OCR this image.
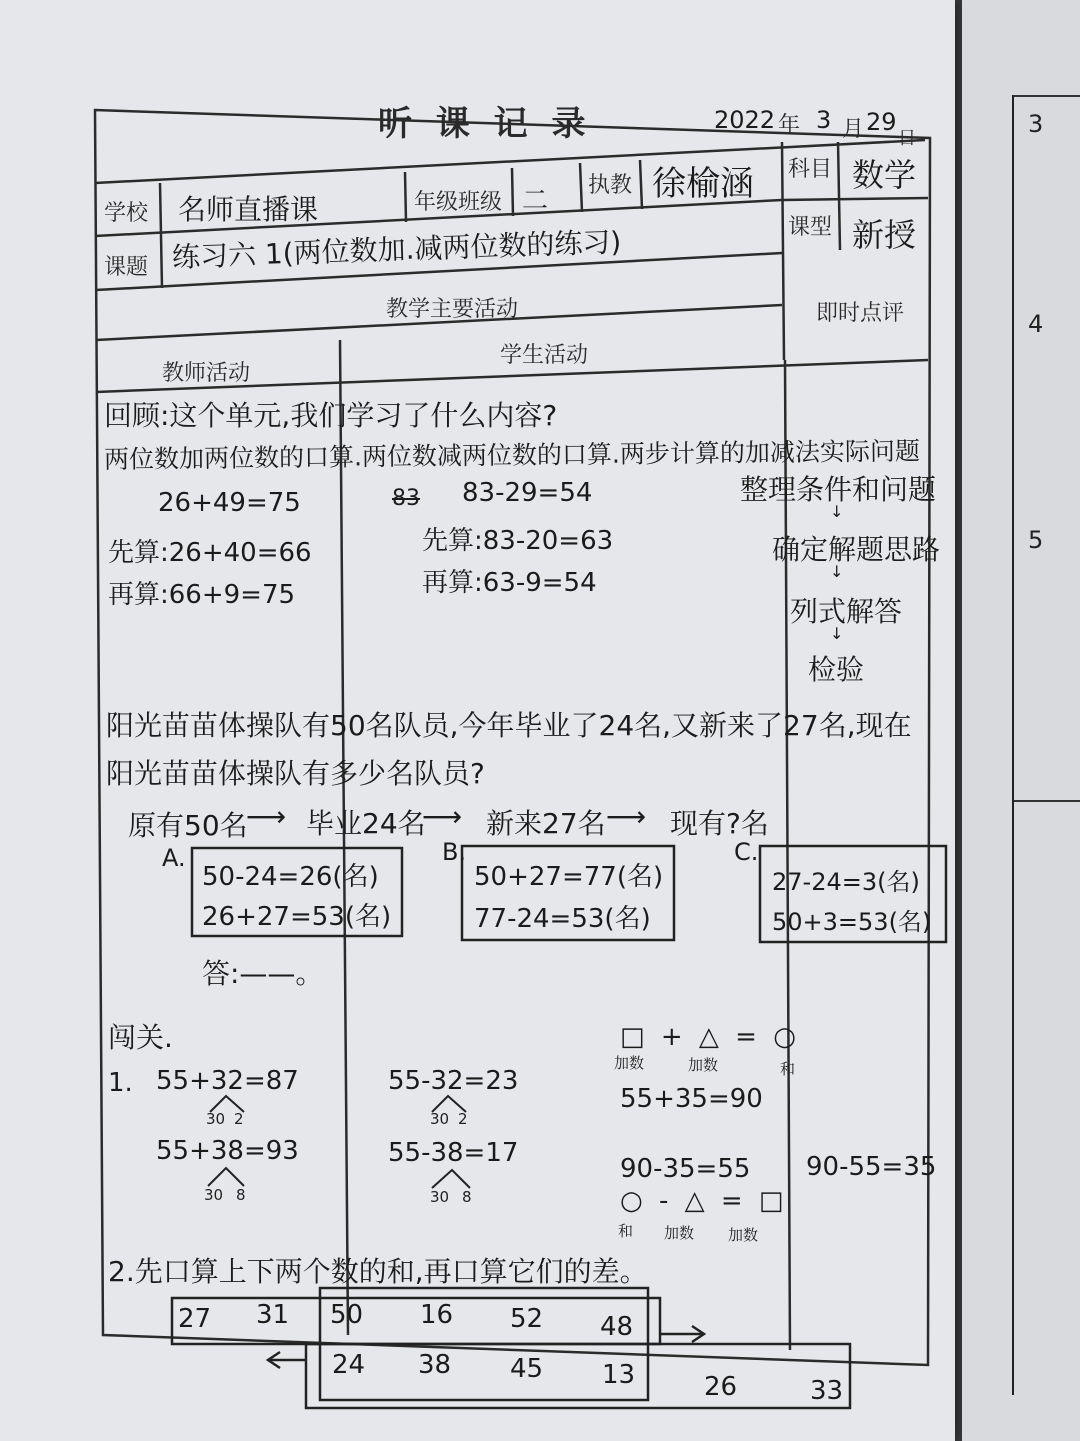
听 课 记 录	2022 年 3 月 29
日
学校 名师直播课	年级班级 二
执教 徐榆涵 科目 数学
课型 新授
课题 练习六 1(两位数加.减两位数的练习)
教学主要活动	即时点评
教师活动
学生活动
回顾:这个单元,我们学习了什么内容?
两位数加两位数的口算.两位数减两位数的口算.两步计算的加减法实际问题
26+49=75
先算:26+40=66
再算:66+9=75
83 83-29=54
先算:83-20=63
再算:63-9=54
整理条件和问题
↓
确定解题思路
↓
列式解答
↓
检验
阳光苗苗体操队有50名队员,今年毕业了24名,又新来了27名,现在
阳光苗苗体操队有多少名队员?
原有50名
⟶ 毕业24名
⟶ 新来27名 ⟶ 现有?名
A.
50-24=26(名)
26+27=53(名)
B.
50+27=77(名)
77-24=53(名)
C.
27-24=3(名)
50+3=53(名)
答:——。
闯关.
1. 55+32=87
30 2
55-32=23
30 2
55+38=93
30 8
55-38=17
30 8
□ + △ = ○
加数	加数	和
55+35=90
90-35=55 90-55=35
○ - △ = □
和 加数 加数
2.先口算上下两个数的和,再口算它们的差。
27 31 50 16 52 48
24 38 45 13	26	33
3
4
5
